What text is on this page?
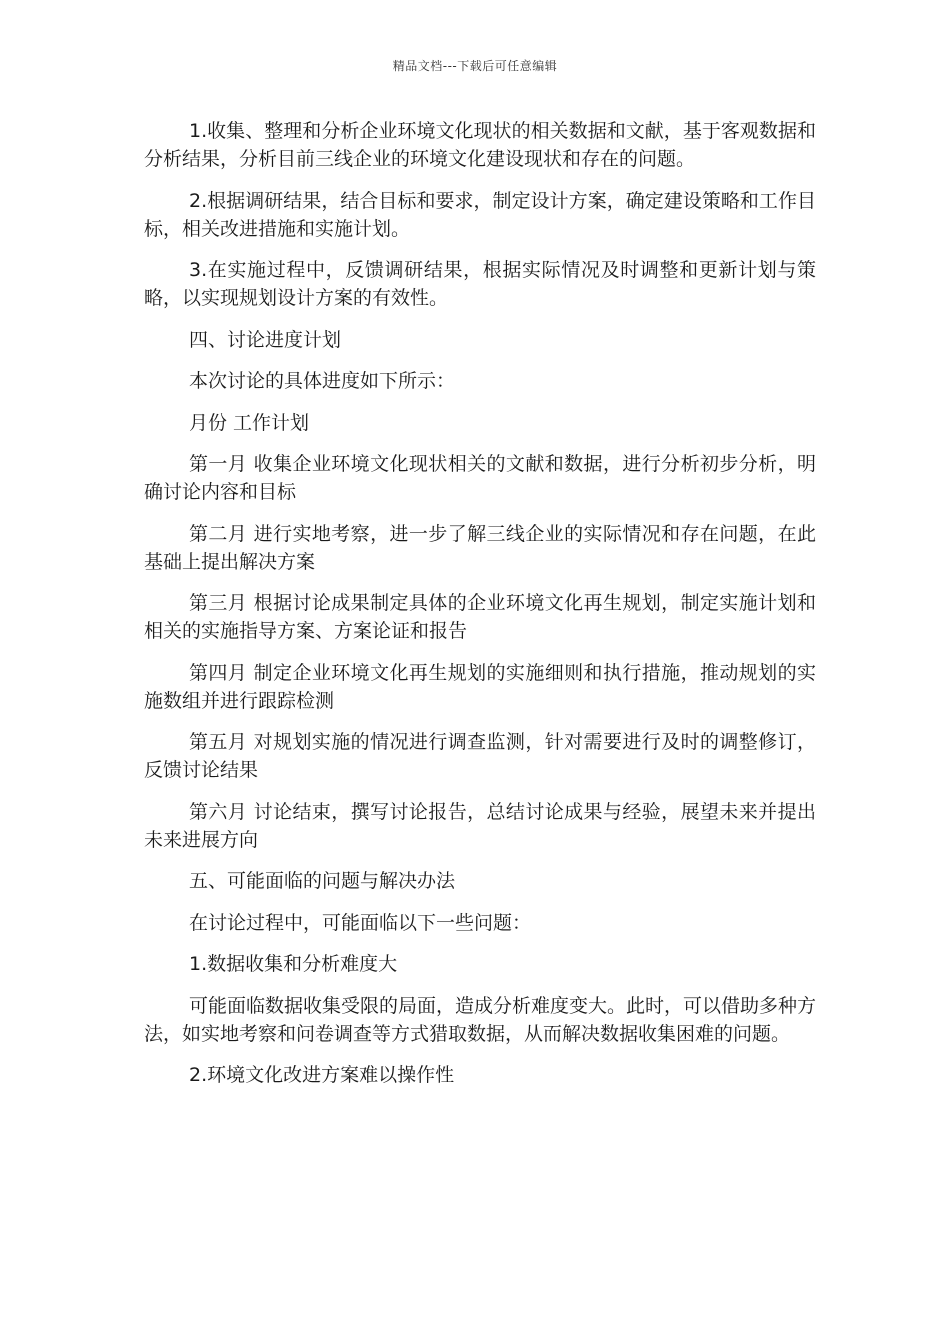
精品文档---下载后可任意编辑

1.收集、整理和分析企业环境文化现状的相关数据和文献，基于客观数据和分析结果，分析目前三线企业的环境文化建设现状和存在的问题。

2.根据调研结果，结合目标和要求，制定设计方案，确定建设策略和工作目标，相关改进措施和实施计划。

3.在实施过程中，反馈调研结果，根据实际情况及时调整和更新计划与策略，以实现规划设计方案的有效性。

四、讨论进度计划

本次讨论的具体进度如下所示：

月份 工作计划

第一月 收集企业环境文化现状相关的文献和数据，进行分析初步分析，明确讨论内容和目标

第二月 进行实地考察，进一步了解三线企业的实际情况和存在问题，在此基础上提出解决方案

第三月 根据讨论成果制定具体的企业环境文化再生规划，制定实施计划和相关的实施指导方案、方案论证和报告

第四月 制定企业环境文化再生规划的实施细则和执行措施，推动规划的实施数组并进行跟踪检测

第五月 对规划实施的情况进行调查监测，针对需要进行及时的调整修订，反馈讨论结果

第六月 讨论结束，撰写讨论报告，总结讨论成果与经验，展望未来并提出未来进展方向

五、可能面临的问题与解决办法

在讨论过程中，可能面临以下一些问题：

1.数据收集和分析难度大

可能面临数据收集受限的局面，造成分析难度变大。此时，可以借助多种方法，如实地考察和问卷调查等方式猎取数据，从而解决数据收集困难的问题。

2.环境文化改进方案难以操作性
